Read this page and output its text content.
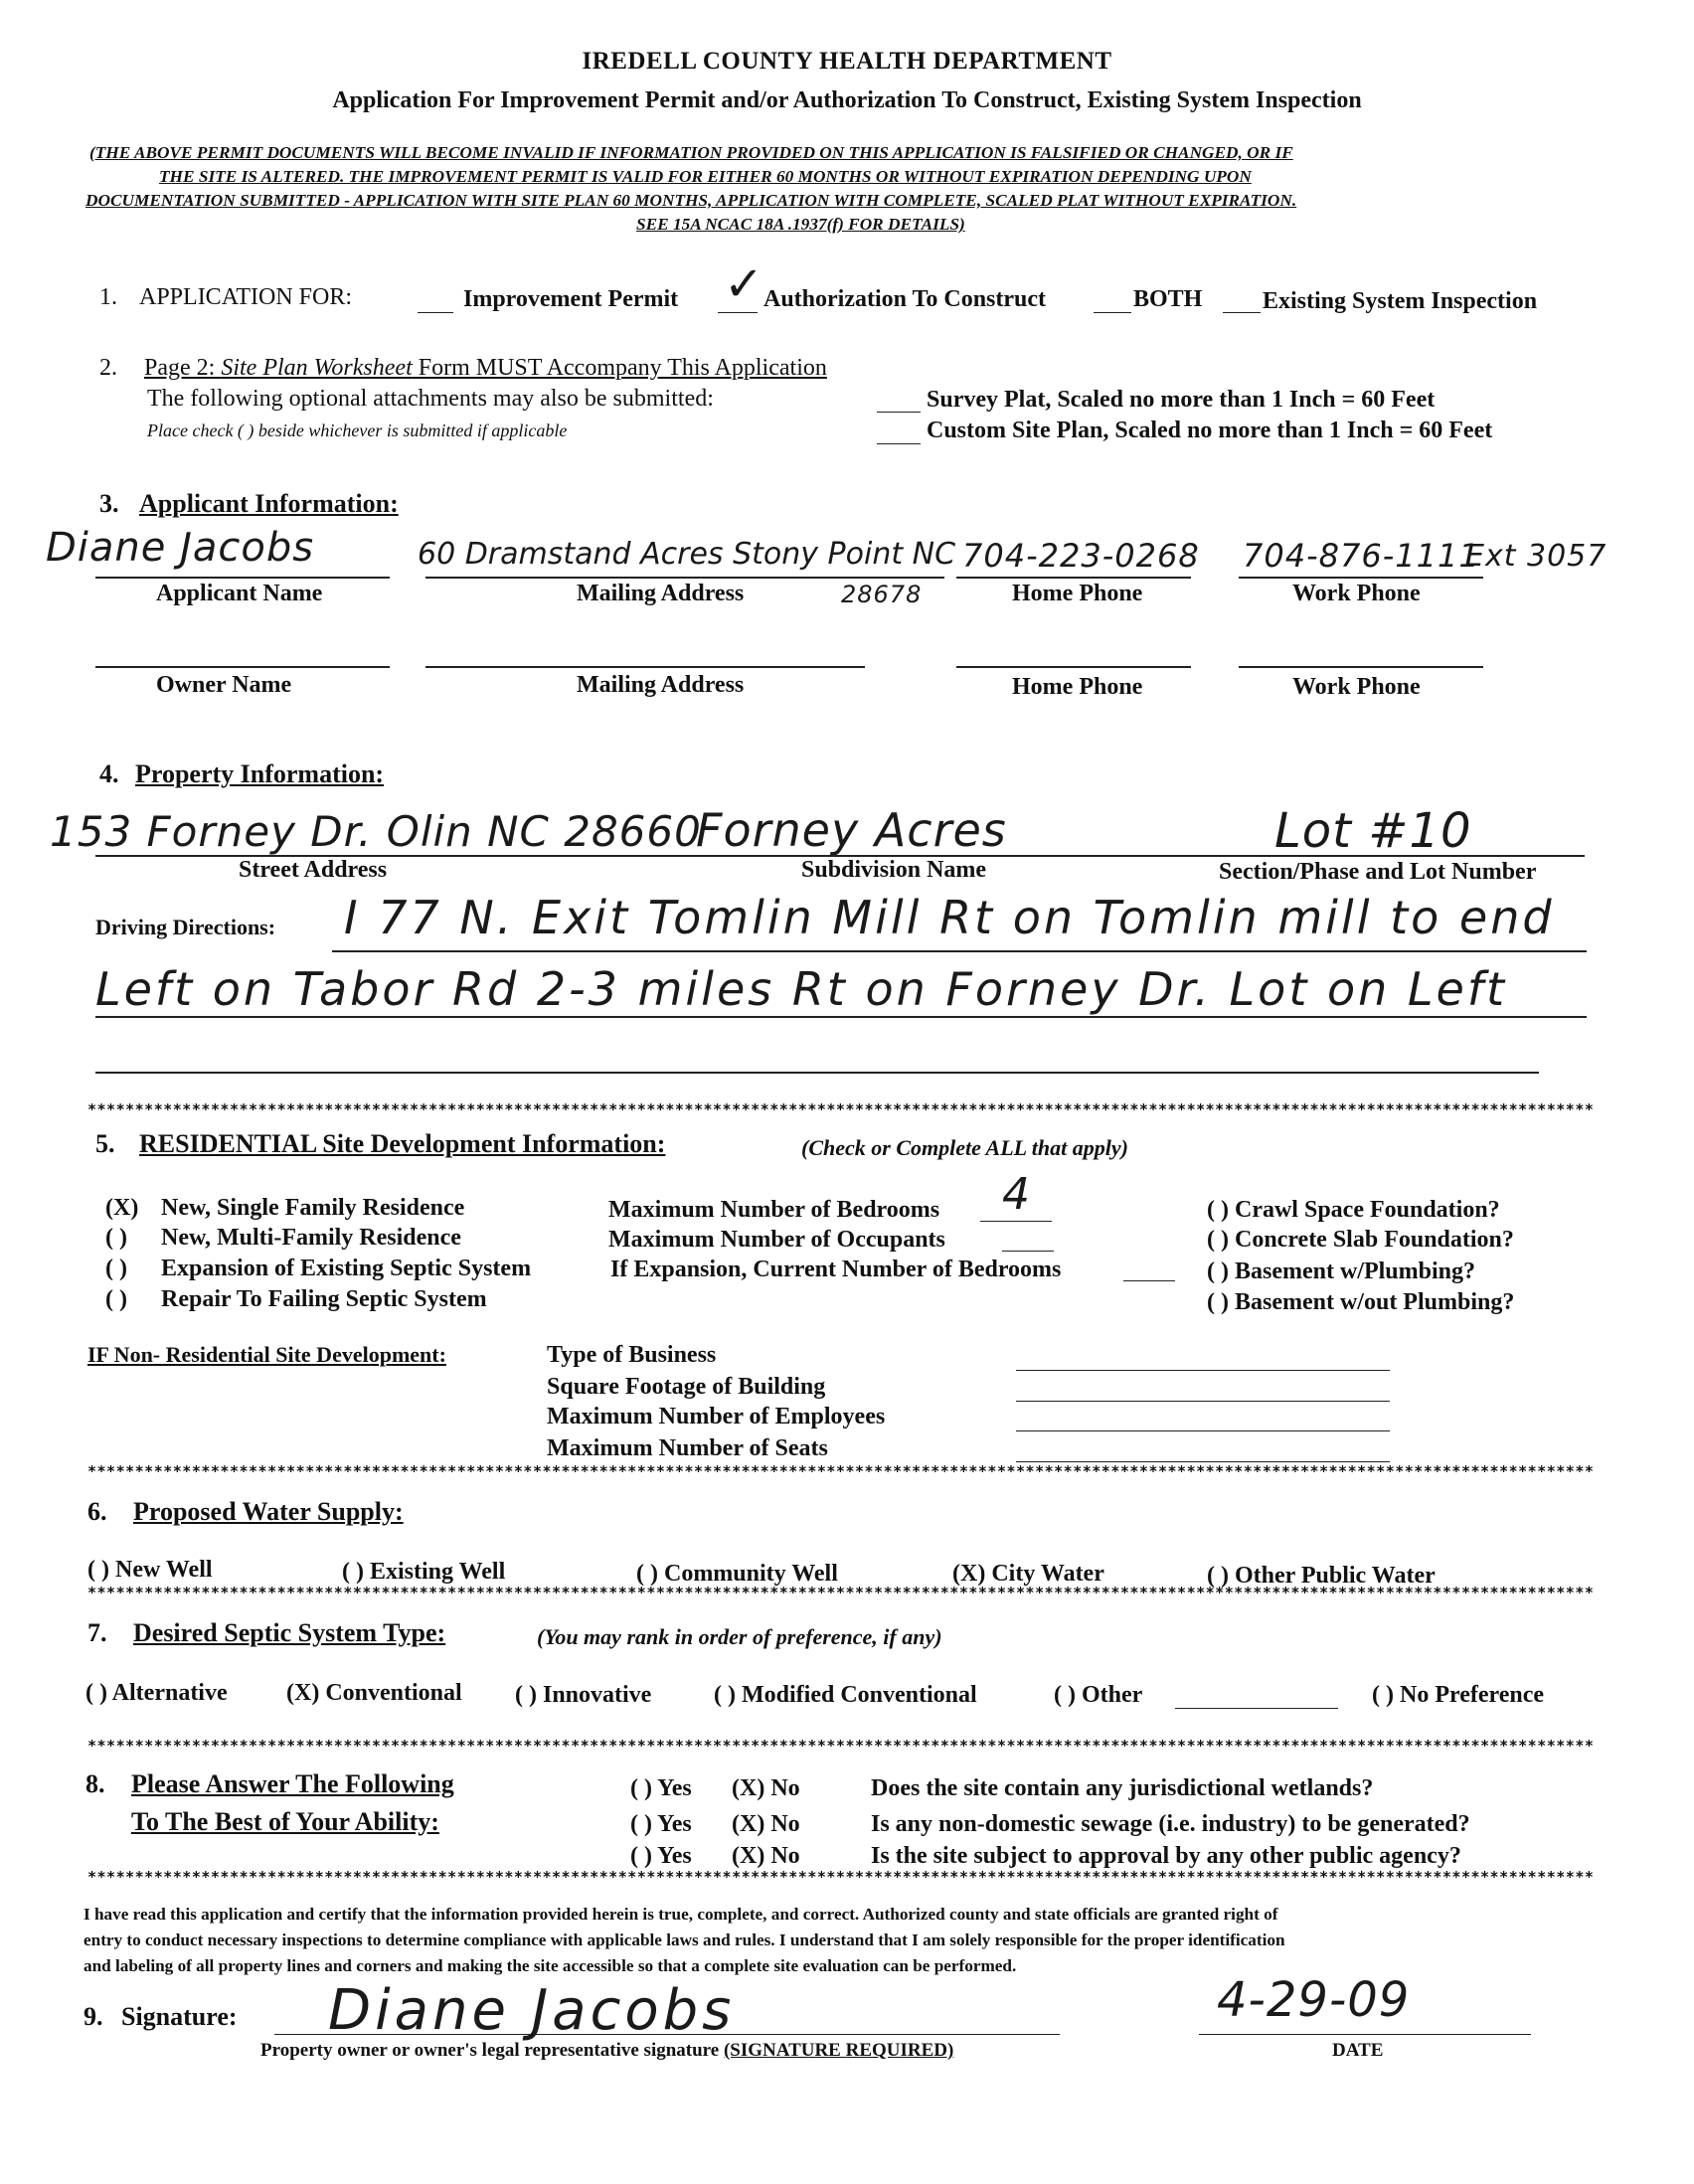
IREDELL COUNTY HEALTH DEPARTMENT
Application For Improvement Permit and/or Authorization To Construct, Existing System Inspection
(THE ABOVE PERMIT DOCUMENTS WILL BECOME INVALID IF INFORMATION PROVIDED ON THIS APPLICATION IS FALSIFIED OR CHANGED, OR IF
THE SITE IS ALTERED. THE IMPROVEMENT PERMIT IS VALID FOR EITHER 60 MONTHS OR WITHOUT EXPIRATION DEPENDING UPON
DOCUMENTATION SUBMITTED - APPLICATION WITH SITE PLAN 60 MONTHS, APPLICATION WITH COMPLETE, SCALED PLAT WITHOUT EXPIRATION.
SEE 15A NCAC 18A .1937(f) FOR DETAILS)
1. APPLICATION FOR:	Improvement Permit ✓
Authorization To Construct	BOTH	Existing System Inspection
2. Page 2: Site Plan Worksheet Form MUST Accompany This Application
The following optional attachments may also be submitted:
Place check ( ) beside whichever is submitted if applicable
Survey Plat, Scaled no more than 1 Inch = 60 Feet
Custom Site Plan, Scaled no more than 1 Inch = 60 Feet
3. Applicant Information:
Diane Jacobs
Applicant Name
60 Dramstand Acres Stony Point NC
28678
Mailing Address
704-223-0268
Home Phone
704-876-1111
Ext 3057
Work Phone
Owner Name	Mailing Address	Home Phone	Work Phone
4. Property Information:
153 Forney Dr. Olin NC 28660
Forney Acres
Street Address	Subdivision Name
Lot #10
Section/Phase and Lot Number
Driving Directions: I 77 N. Exit Tomlin Mill Rt on Tomlin mill to end
Left on Tabor Rd 2-3 miles Rt on Forney Dr. Lot on Left
***************************************************************************************************************************************************************
5. RESIDENTIAL Site Development Information:	(Check or Complete ALL that apply)
(X) New, Single Family Residence
( ) New, Multi-Family Residence
( ) Expansion of Existing Septic System
( ) Repair To Failing Septic System
Maximum Number of Bedrooms 4
Maximum Number of Occupants
If Expansion, Current Number of Bedrooms
( ) Crawl Space Foundation?
( ) Concrete Slab Foundation?
( ) Basement w/Plumbing?
( ) Basement w/out Plumbing?
IF Non- Residential Site Development:	Type of Business
Square Footage of Building
Maximum Number of Employees
Maximum Number of Seats
***************************************************************************************************************************************************************
6. Proposed Water Supply:
( ) New Well	( ) Existing Well	( ) Community Well	(X) City Water	( ) Other Public Water
***************************************************************************************************************************************************************
7. Desired Septic System Type:	(You may rank in order of preference, if any)
( ) Alternative (X) Conventional ( ) Innovative	( ) Modified Conventional	( ) Other	( ) No Preference
***************************************************************************************************************************************************************
8. Please Answer The Following
To The Best of Your Ability:
( ) Yes (X) No	Does the site contain any jurisdictional wetlands?
( ) Yes (X) No	Is any non-domestic sewage (i.e. industry) to be generated?
( ) Yes (X) No	Is the site subject to approval by any other public agency?
***************************************************************************************************************************************************************
I have read this application and certify that the information provided herein is true, complete, and correct. Authorized county and state officials are granted right of
entry to conduct necessary inspections to determine compliance with applicable laws and rules. I understand that I am solely responsible for the proper identification
and labeling of all property lines and corners and making the site accessible so that a complete site evaluation can be performed.
9. Signature: Diane Jacobs
Property owner or owner's legal representative signature (SIGNATURE REQUIRED)
4-29-09
DATE
